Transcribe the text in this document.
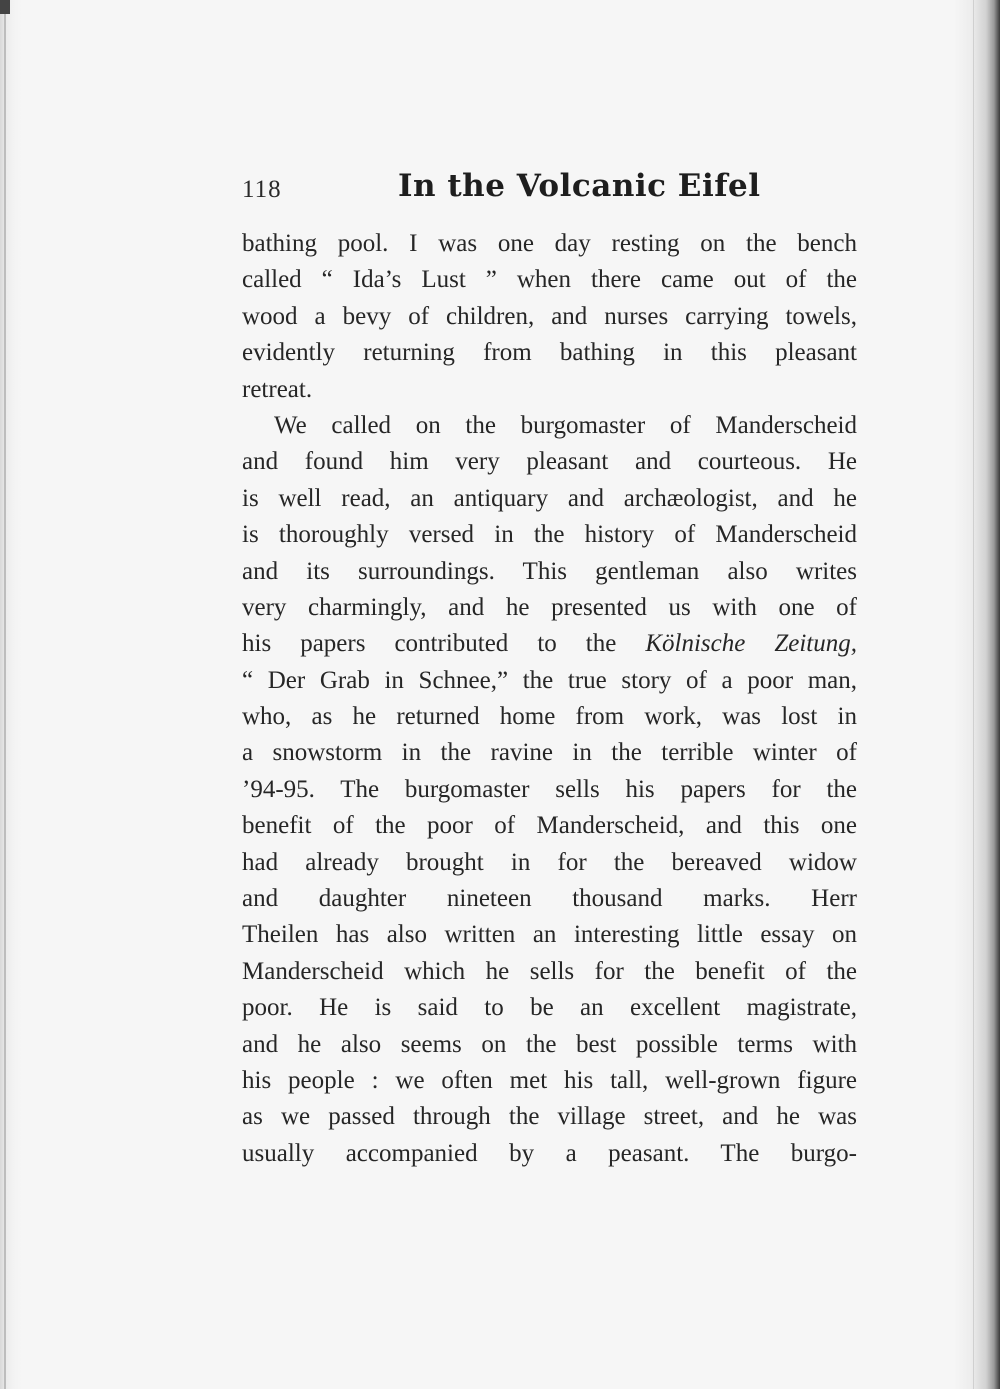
118	In the Volcanic Eifel
bathing pool. I was one day resting on the bench
called “ Ida’s Lust ” when there came out of the
wood a bevy of children, and nurses carrying towels,
evidently returning from bathing in this pleasant
retreat.
We called on the burgomaster of Manderscheid
and found him very pleasant and courteous. He
is well read, an antiquary and archæologist, and he
is thoroughly versed in the history of Manderscheid
and its surroundings. This gentleman also writes
very charmingly, and he presented us with one of
his papers contributed to the Kölnische Zeitung,
“ Der Grab in Schnee,” the true story of a poor man,
who, as he returned home from work, was lost in
a snowstorm in the ravine in the terrible winter of
’94-95. The burgomaster sells his papers for the
benefit of the poor of Manderscheid, and this one
had already brought in for the bereaved widow
and daughter nineteen thousand marks. Herr
Theilen has also written an interesting little essay on
Manderscheid which he sells for the benefit of the
poor. He is said to be an excellent magistrate,
and he also seems on the best possible terms with
his people : we often met his tall, well-grown figure
as we passed through the village street, and he was
usually accompanied by a peasant. The burgo-
